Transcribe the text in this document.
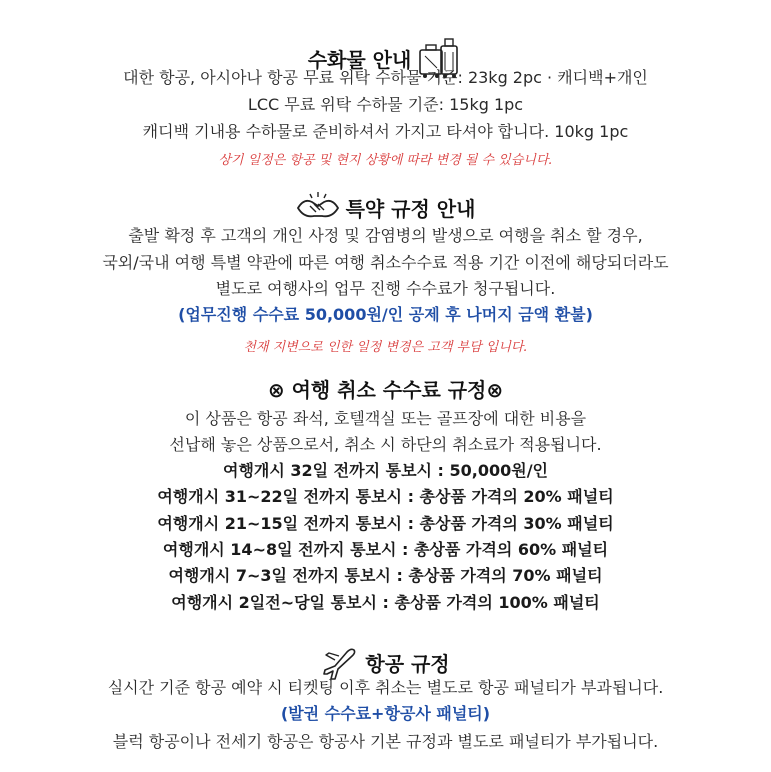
수화물 안내
대한 항공, 아시아나 항공 무료 위탁 수하물 기준: 23kg 2pc · 캐디백+개인
LCC 무료 위탁 수하물 기준: 15kg 1pc
캐디백 기내용 수하물로 준비하셔서 가지고 타셔야 합니다. 10kg 1pc
상기 일정은 항공 및 현지 상황에 따라 변경 될 수 있습니다.
특약 규정 안내
출발 확정 후 고객의 개인 사정 및 감염병의 발생으로 여행을 취소 할 경우,
국외/국내 여행 특별 약관에 따른 여행 취소수수료 적용 기간 이전에 해당되더라도
별도로 여행사의 업무 진행 수수료가 청구됩니다.
(업무진행 수수료 50,000원/인 공제 후 나머지 금액 환불)
천재 지변으로 인한 일정 변경은 고객 부담 입니다.
⊗ 여행 취소 수수료 규정⊗
이 상품은 항공 좌석, 호텔객실 또는 골프장에 대한 비용을
선납해 놓은 상품으로서, 취소 시 하단의 취소료가 적용됩니다.
여행개시 32일 전까지 통보시 : 50,000원/인
여행개시 31~22일 전까지 통보시 : 총상품 가격의 20% 패널티
여행개시 21~15일 전까지 통보시 : 총상품 가격의 30% 패널티
여행개시 14~8일 전까지 통보시 : 총상품 가격의 60% 패널티
여행개시 7~3일 전까지 통보시 : 총상품 가격의 70% 패널티
여행개시 2일전~당일 통보시 : 총상품 가격의 100% 패널티
항공 규정
실시간 기준 항공 예약 시 티켓팅 이후 취소는 별도로 항공 패널티가 부과됩니다.
(발권 수수료+항공사 패널티)
블럭 항공이나 전세기 항공은 항공사 기본 규정과 별도로 패널티가 부가됩니다.
